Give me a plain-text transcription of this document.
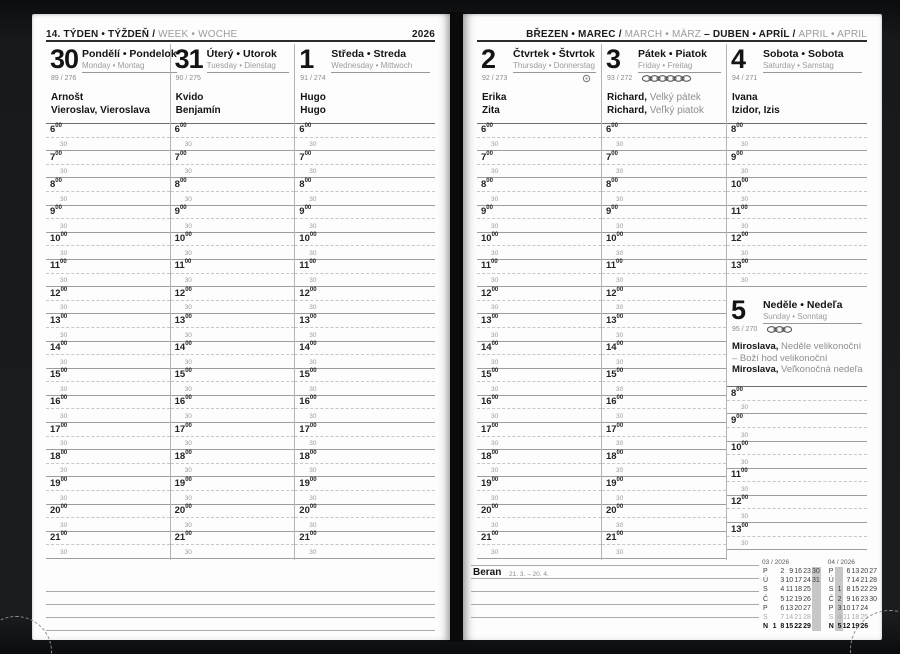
14. TÝDEN • TÝŽDEŇ / WEEK • WOCHE	2026
30 Pondělí • Pondelok
Monday • Montag
89 / 276
Arnošt
Vieroslav, Vieroslava
$6^{00}$
30
$7^{00}$
30
$8^{00}$
30
$9^{00}$
30
$10^{00}$
30
$11^{00}$
30
$12^{00}$
30
$13^{00}$
30
$14^{00}$
30
$15^{00}$
30
$16^{00}$
30
$17^{00}$
30
$18^{00}$
30
$19^{00}$
30
$20^{00}$
30
$21^{00}$
30
31 Úterý • Utorok
Tuesday • Dienstag
90 / 275
Kvido
Benjamín
$6^{00}$
30
$7^{00}$
30
$8^{00}$
30
$9^{00}$
30
$10^{00}$
30
$11^{00}$
30
$12^{00}$
30
$13^{00}$
30
$14^{00}$
30
$15^{00}$
30
$16^{00}$
30
$17^{00}$
30
$18^{00}$
30
$19^{00}$
30
$20^{00}$
30
$21^{00}$
30
1	Středa • Streda
Wednesday • Mittwoch
91 / 274
Hugo
Hugo
$6^{00}$
30
$7^{00}$
30
$8^{00}$
30
$9^{00}$
30
$10^{00}$
30
$11^{00}$
30
$12^{00}$
30
$13^{00}$
30
$14^{00}$
30
$15^{00}$
30
$16^{00}$
30
$17^{00}$
30
$18^{00}$
30
$19^{00}$
30
$20^{00}$
30
$21^{00}$
30
BŘEZEN • MAREC / MARCH • MÄRZ – DUBEN • APRÍL / APRIL • APRIL
2	Čtvrtek • Štvrtok
Thursday • Donnerstag
92 / 273
Erika
Zita
$6^{00}$
30
$7^{00}$
30
$8^{00}$
30
$9^{00}$
30
$10^{00}$
30
$11^{00}$
30
$12^{00}$
30
$13^{00}$
30
$14^{00}$
30
$15^{00}$
30
$16^{00}$
30
$17^{00}$
30
$18^{00}$
30
$19^{00}$
30
$20^{00}$
30
$21^{00}$
30
3	Pátek • Piatok
Friday • Freitag
93 / 272
Richard, Velký pátek
Richard, Veľký piatok
$6^{00}$
30
$7^{00}$
30
$8^{00}$
30
$9^{00}$
30
$10^{00}$
30
$11^{00}$
30
$12^{00}$
30
$13^{00}$
30
$14^{00}$
30
$15^{00}$
30
$16^{00}$
30
$17^{00}$
30
$18^{00}$
30
$19^{00}$
30
$20^{00}$
30
$21^{00}$
30
4	Sobota • Sobota
Saturday • Samstag
94 / 271
Ivana
Izidor, Izis
$8^{00}$
30
$9^{00}$
30
$10^{00}$
30
$11^{00}$
30
$12^{00}$
30
$13^{00}$
30
5	Neděle • Nedeľa
Sunday • Sonntag
95 / 270
Miroslava, Neděle velikonoční
– Boží hod velikonoční
Miroslava, Veľkonočná nedeľa
$8^{00}$
30
$9^{00}$
30
$10^{00}$
30
$11^{00}$
30
$12^{00}$
30
$13^{00}$
30
Beran 21. 3. – 20. 4.
03 / 2026
P		2	9	16	23	30
Ú		3	10	17	24	31
S		4	11	18	25	
Č		5	12	19	26	
P		6	13	20	27	
S		7	14	21	28	
N	1	8	15	22	29	
04 / 2026
P		6	13	20	27
Ú		7	14	21	28
S	1	8	15	22	29
Č	2	9	16	23	30
P	3	10	17	24	
S	4	11	18	25	
N	5	12	19	26	
